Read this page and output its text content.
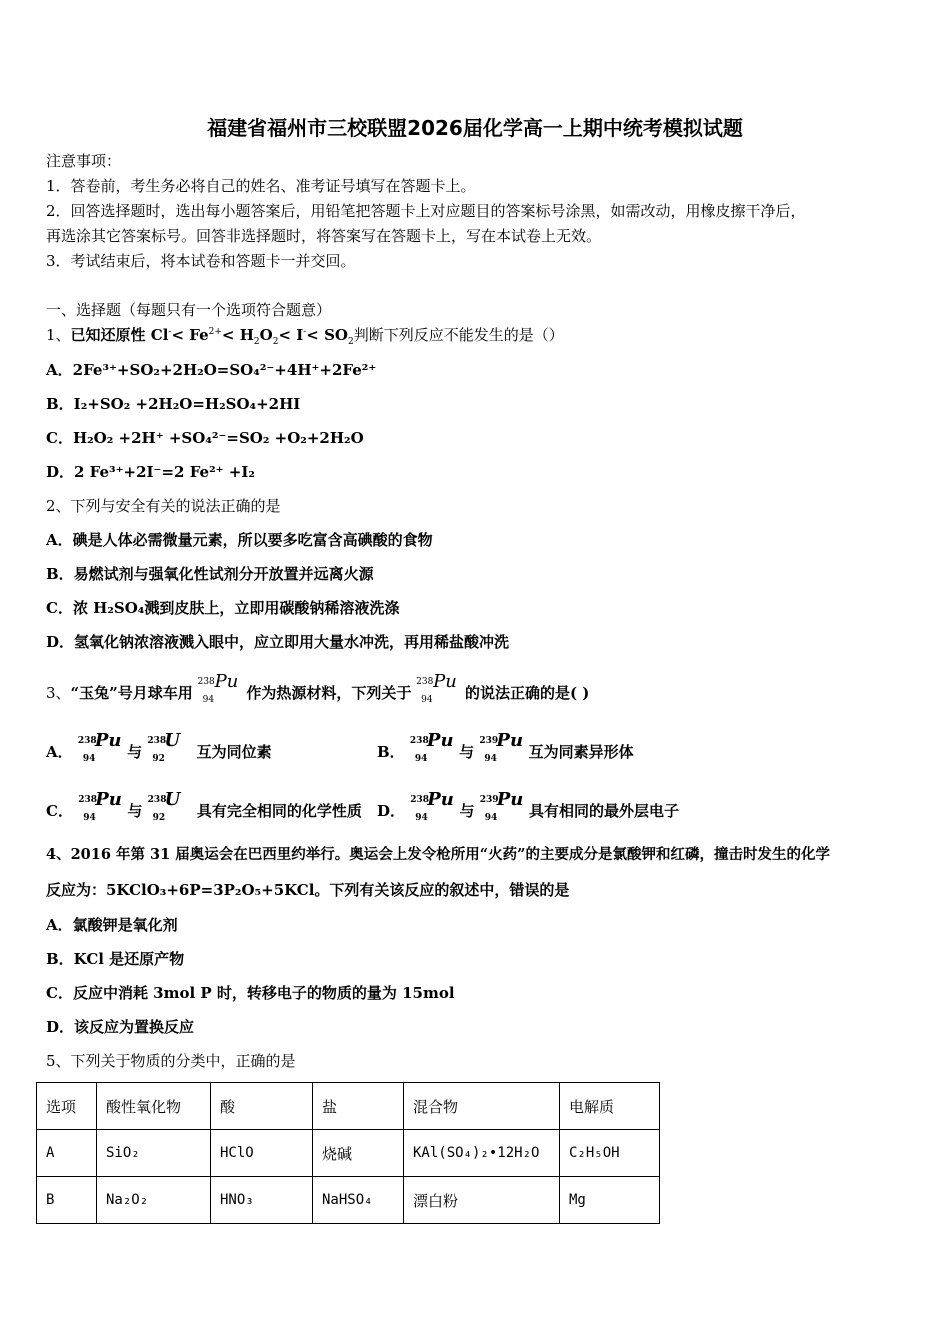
福建省福州市三校联盟2026届化学高一上期中统考模拟试题
注意事项：
1．答卷前，考生务必将自己的姓名、准考证号填写在答题卡上。
2．回答选择题时，选出每小题答案后，用铅笔把答题卡上对应题目的答案标号涂黑，如需改动，用橡皮擦干净后，
再选涂其它答案标号。回答非选择题时，将答案写在答题卡上，写在本试卷上无效。
3．考试结束后，将本试卷和答题卡一并交回。
一、选择题（每题只有一个选项符合题意）
1、已知还原性 $Cl^-< Fe^{2+}< H_2O_2< I^-< SO_2$判断下列反应不能发生的是（）
A．2Fe³⁺+SO₂+2H₂O=SO₄²⁻+4H⁺+2Fe²⁺
B．I₂+SO₂ +2H₂O=H₂SO₄+2HI
C．H₂O₂ +2H⁺ +SO₄²⁻=SO₂ +O₂+2H₂O
D．2 Fe³⁺+2I⁻=2 Fe²⁺ +I₂
2、下列与安全有关的说法正确的是
A．碘是人体必需微量元素，所以要多吃富含高碘酸的食物
B．易燃试剂与强氧化性试剂分开放置并远离火源
C．浓 H₂SO₄溅到皮肤上，立即用碳酸钠稀溶液洗涤
D．氢氧化钠浓溶液溅入眼中，应立即用大量水冲洗，再用稀盐酸冲洗
3、“玉兔”号月球车用
238
94
Pu
作为热源材料，下列关于
238
94
Pu
的说法正确的是( )
A．
238
94
Pu
与
238
92
U
互为同位素	B．
238
94
Pu
与
239
94
Pu
互为同素异形体
C．
238
94
Pu
与
238
92
U
具有完全相同的化学性质 D．
238
94
Pu
与
239
94
Pu
具有相同的最外层电子
4、2016 年第 31 届奥运会在巴西里约举行。奥运会上发令枪所用“火药”的主要成分是氯酸钾和红磷，撞击时发生的化学
反应为：5KClO₃+6P=3P₂O₅+5KCl。下列有关该反应的叙述中，错误的是
A．氯酸钾是氧化剂
B．KCl 是还原产物
C．反应中消耗 3mol P 时，转移电子的物质的量为 15mol
D．该反应为置换反应
5、下列关于物质的分类中，正确的是
选项	酸性氧化物	酸	盐	混合物	电解质
A	SiO₂	HClO	烧碱	KAl(SO₄)₂•12H₂O	C₂H₅OH
B	Na₂O₂	HNO₃	NaHSO₄	漂白粉	Mg
